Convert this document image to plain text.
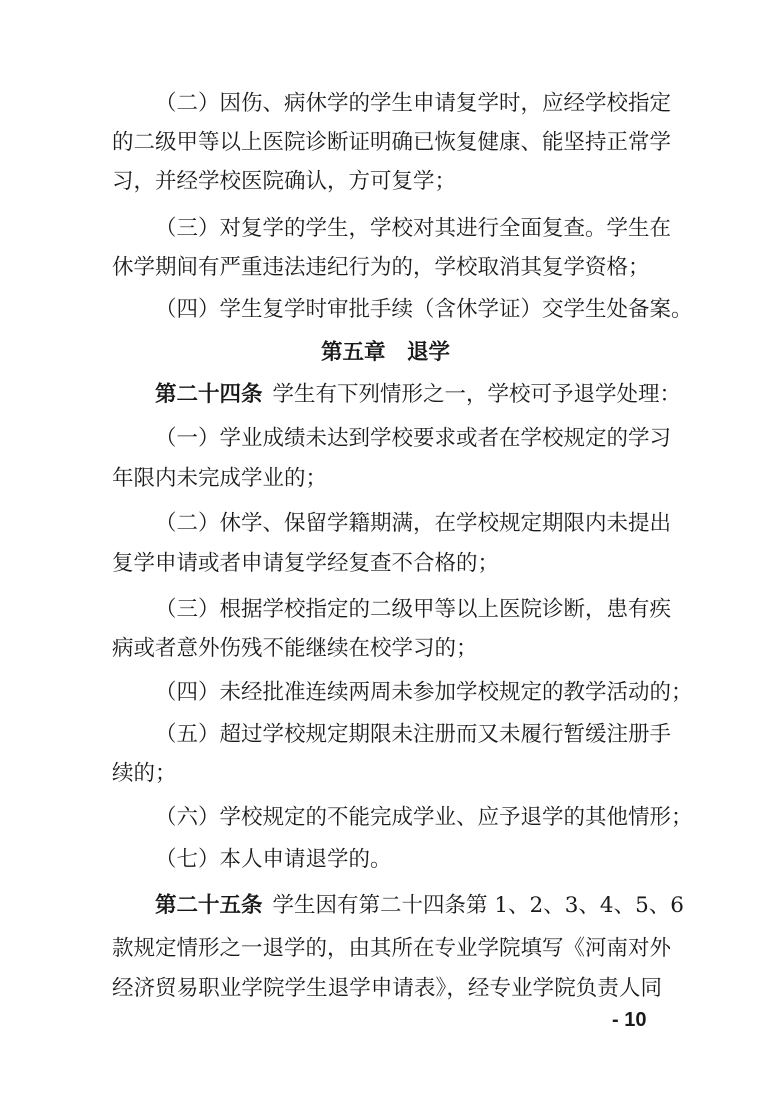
（二）因伤、病休学的学生申请复学时，应经学校指定
的二级甲等以上医院诊断证明确已恢复健康、能坚持正常学
习，并经学校医院确认，方可复学；
（三）对复学的学生，学校对其进行全面复查。学生在
休学期间有严重违法违纪行为的，学校取消其复学资格；
（四）学生复学时审批手续（含休学证）交学生处备案。
第五章　退学
第二十四条 学生有下列情形之一，学校可予退学处理：
（一）学业成绩未达到学校要求或者在学校规定的学习
年限内未完成学业的；
（二）休学、保留学籍期满，在学校规定期限内未提出
复学申请或者申请复学经复查不合格的；
（三）根据学校指定的二级甲等以上医院诊断，患有疾
病或者意外伤残不能继续在校学习的；
（四）未经批准连续两周未参加学校规定的教学活动的；
（五）超过学校规定期限未注册而又未履行暂缓注册手
续的；
（六）学校规定的不能完成学业、应予退学的其他情形；
（七）本人申请退学的。
第二十五条 学生因有第二十四条第 1、2、3、4、5、6
款规定情形之一退学的，由其所在专业学院填写《河南对外
经济贸易职业学院学生退学申请表》，经专业学院负责人同
- 10
